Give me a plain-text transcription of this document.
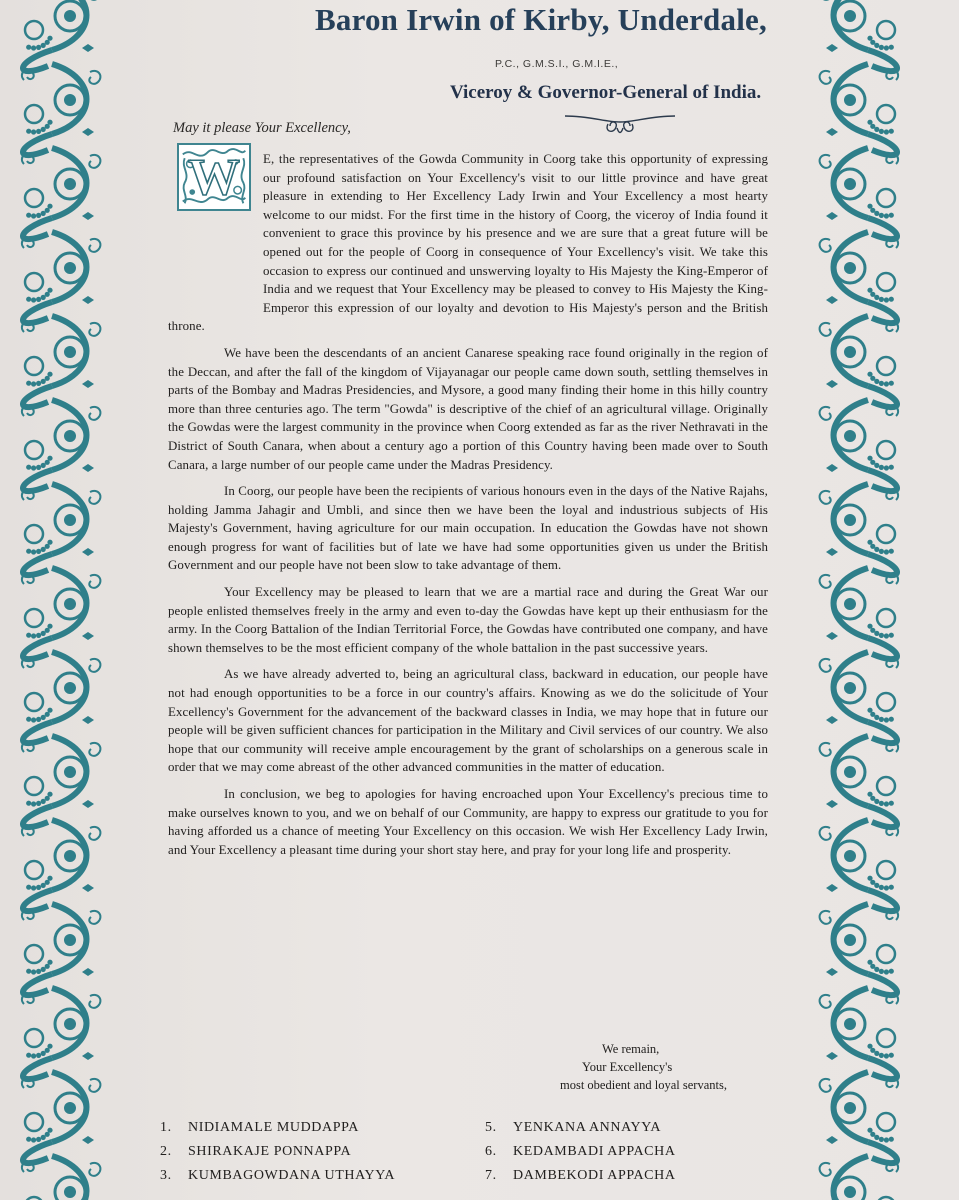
Baron Irwin of Kirby, Underdale,
P.C., G.M.S.I., G.M.I.E.,
Viceroy & Governor-General of India.
May it please Your Excellency,
W	E, the representatives of the Gowda Community in Coorg take this opportunity of expressing our profound satisfaction on Your Excellency's visit to our little province and have great pleasure in extending to Her Excellency Lady Irwin and Your Excellency a most hearty welcome to our midst. For the first time in the history of Coorg, the viceroy of India found it convenient to grace this province by his presence and we are sure that a great future will be opened out for the people of Coorg in consequence of Your Excellency's visit. We take this occasion to express our continued and unswerving loyalty to His Majesty the King-Emperor of India and we request that Your Excellency may be pleased to convey to His Majesty the King-Emperor this expression of our loyalty and devotion to His Majesty's person and the British throne.

We have been the descendants of an ancient Canarese speaking race found originally in the region of the Deccan, and after the fall of the kingdom of Vijayanagar our people came down south, settling themselves in parts of the Bombay and Madras Presidencies, and Mysore, a good many finding their home in this hilly country more than three centuries ago. The term "Gowda" is descriptive of the chief of an agricultural village. Originally the Gowdas were the largest community in the province when Coorg extended as far as the river Nethravati in the District of South Canara, when about a century ago a portion of this Country having been made over to South Canara, a large number of our people came under the Madras Presidency.

In Coorg, our people have been the recipients of various honours even in the days of the Native Rajahs, holding Jamma Jahagir and Umbli, and since then we have been the loyal and industrious subjects of His Majesty's Government, having agriculture for our main occupation. In education the Gowdas have not shown enough progress for want of facilities but of late we have had some opportunities given us under the British Government and our people have not been slow to take advantage of them.

Your Excellency may be pleased to learn that we are a martial race and during the Great War our people enlisted themselves freely in the army and even to-day the Gowdas have kept up their enthusiasm for the army. In the Coorg Battalion of the Indian Territorial Force, the Gowdas have contributed one company, and have shown themselves to be the most efficient company of the whole battalion in the past successive years.

As we have already adverted to, being an agricultural class, backward in education, our people have not had enough opportunities to be a force in our country's affairs. Knowing as we do the solicitude of Your Excellency's Government for the advancement of the backward classes in India, we may hope that in future our people will be given sufficient chances for participation in the Military and Civil services of our country. We also hope that our community will receive ample encouragement by the grant of scholarships on a generous scale in order that we may come abreast of the other advanced communities in the matter of education.

In conclusion, we beg to apologies for having encroached upon Your Excellency's precious time to make ourselves known to you, and we on behalf of our Community, are happy to express our gratitude to you for having afforded us a chance of meeting Your Excellency on this occasion. We wish Her Excellency Lady Irwin, and Your Excellency a pleasant time during your short stay here, and pray for your long life and prosperity.

We remain,
Your Excellency's
most obedient and loyal servants,
1. NIDIAMALE MUDDAPPA
2. SHIRAKAJE PONNAPPA
3. KUMBAGOWDANA UTHAYYA
5. YENKANA ANNAYYA
6. KEDAMBADI APPACHA
7. DAMBEKODI APPACHA
